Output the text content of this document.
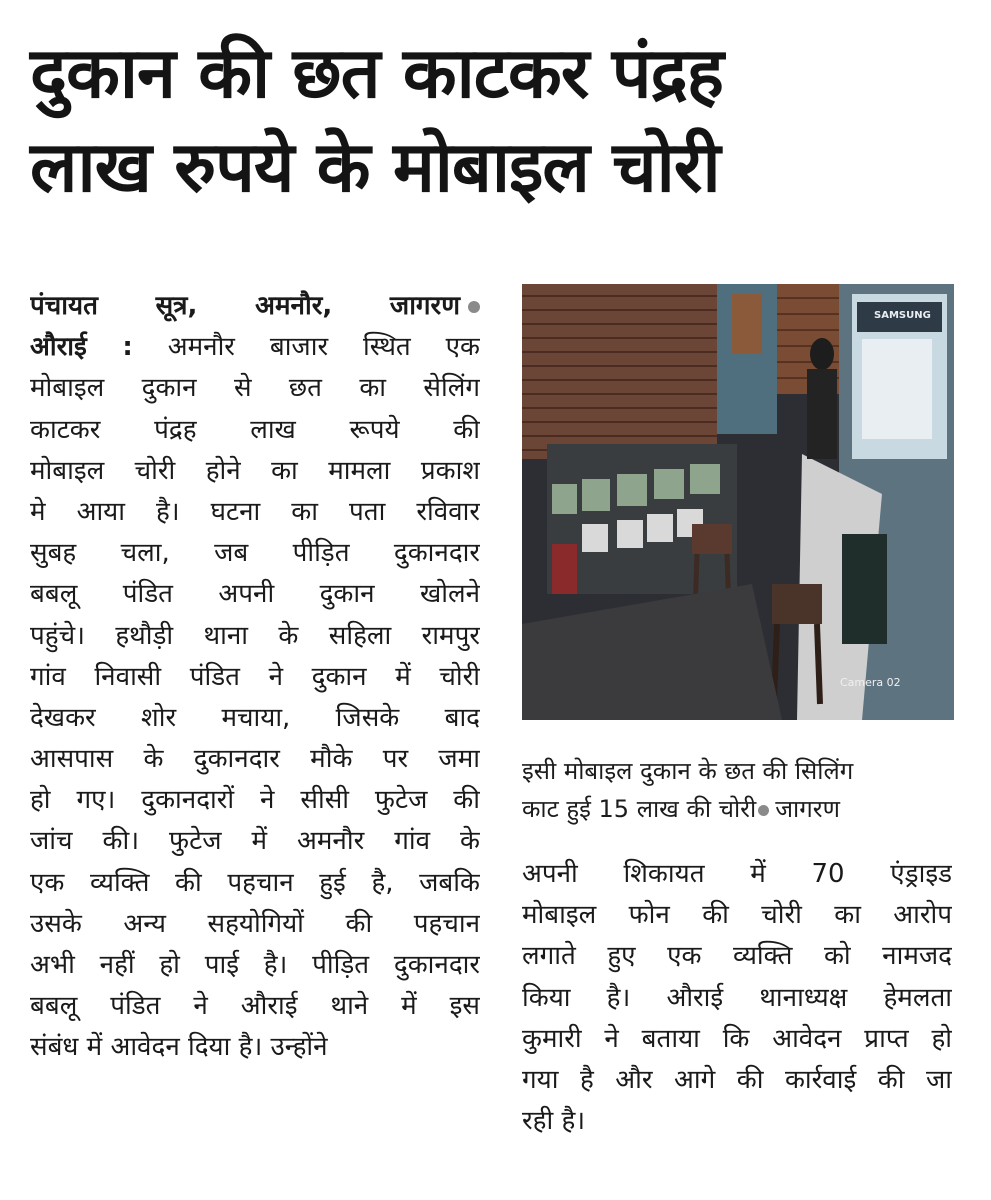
दुकान की छत काटकर पंद्रह
लाख रुपये के मोबाइल चोरी
पंचायत सूत्र, अमनौर, जागरण
औराई : अमनौर बाजार स्थित एक
मोबाइल दुकान से छत का सेलिंग
काटकर पंद्रह लाख रूपये की
मोबाइल चोरी होने का मामला प्रकाश
मे आया है। घटना का पता रविवार
सुबह चला, जब पीड़ित दुकानदार
बबलू पंडित अपनी दुकान खोलने
पहुंचे। हथौड़ी थाना के सहिला रामपुर
गांव निवासी पंडित ने दुकान में चोरी
देखकर शोर मचाया, जिसके बाद
आसपास के दुकानदार मौके पर जमा
हो गए। दुकानदारों ने सीसी फुटेज की
जांच की। फुटेज में अमनौर गांव के
एक व्यक्ति की पहचान हुई है, जबकि
उसके अन्य सहयोगियों की पहचान
अभी नहीं हो पाई है। पीड़ित दुकानदार
बबलू पंडित ने औराई थाने में इस
संबंध में आवेदन दिया है। उन्होंने
Camera 02
SAMSUNG
इसी मोबाइल दुकान के छत की सिलिंग
काट हुई 15 लाख की चोरी जागरण
अपनी शिकायत में 70 एंड्राइड
मोबाइल फोन की चोरी का आरोप
लगाते हुए एक व्यक्ति को नामजद
किया है। औराई थानाध्यक्ष हेमलता
कुमारी ने बताया कि आवेदन प्राप्त हो
गया है और आगे की कार्रवाई की जा
रही है।
